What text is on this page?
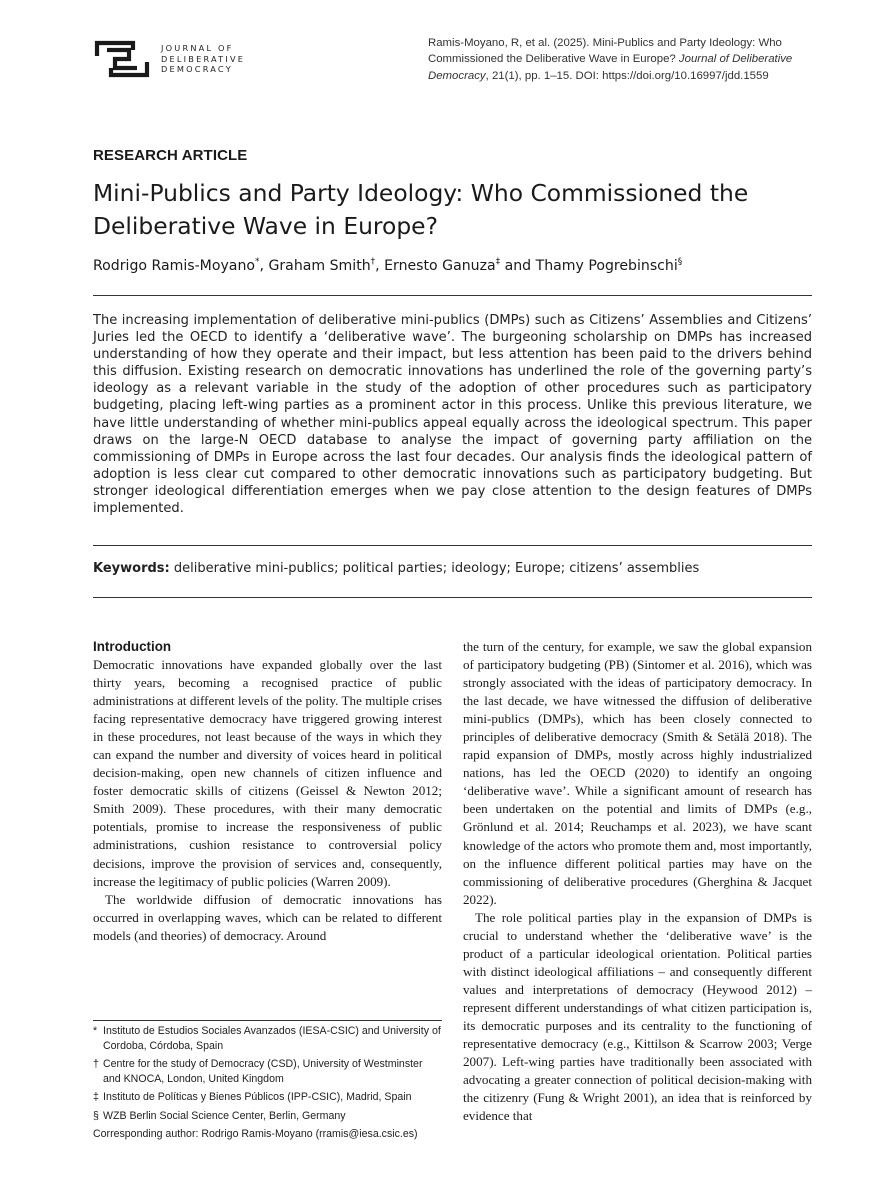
JOURNAL OF
DELIBERATIVE
DEMOCRACY
Ramis-Moyano, R, et al. (2025). Mini-Publics and Party Ideology: Who Commissioned the Deliberative Wave in Europe? Journal of Deliberative Democracy, 21(1), pp. 1–15. DOI: https://doi.org/10.16997/jdd.1559
RESEARCH ARTICLE
Mini-Publics and Party Ideology: Who Commissioned the Deliberative Wave in Europe?
Rodrigo Ramis-Moyano*, Graham Smith†, Ernesto Ganuza‡ and Thamy Pogrebinschi§

The increasing implementation of deliberative mini-publics (DMPs) such as Citizens’ Assemblies and Citizens’ Juries led the OECD to identify a ‘deliberative wave’. The burgeoning scholarship on DMPs has increased understanding of how they operate and their impact, but less attention has been paid to the drivers behind this diffusion. Existing research on democratic innovations has underlined the role of the governing party’s ideology as a relevant variable in the study of the adoption of other procedures such as participatory budgeting, placing left-wing parties as a prominent actor in this process. Unlike this previous literature, we have little understanding of whether mini-publics appeal equally across the ideological spectrum. This paper draws on the large-N OECD database to analyse the impact of governing party affiliation on the commissioning of DMPs in Europe across the last four decades. Our analysis finds the ideological pattern of adoption is less clear cut compared to other democratic innovations such as participatory budgeting. But stronger ideological differentiation emerges when we pay close attention to the design features of DMPs implemented.

Keywords: deliberative mini-publics; political parties; ideology; Europe; citizens’ assemblies
Introduction

Democratic innovations have expanded globally over the last thirty years, becoming a recognised practice of public administrations at different levels of the polity. The multiple crises facing representative democracy have triggered growing interest in these procedures, not least because of the ways in which they can expand the number and diversity of voices heard in political decision-making, open new channels of citizen influence and foster democratic skills of citizens (Geissel & Newton 2012; Smith 2009). These procedures, with their many democratic potentials, promise to increase the responsiveness of public administrations, cushion resistance to controversial policy decisions, improve the provision of services and, consequently, increase the legitimacy of public policies (Warren 2009).

The worldwide diffusion of democratic innovations has occurred in overlapping waves, which can be related to different models (and theories) of democracy. Around

the turn of the century, for example, we saw the global expansion of participatory budgeting (PB) (Sintomer et al. 2016), which was strongly associated with the ideas of participatory democracy. In the last decade, we have witnessed the diffusion of deliberative mini-publics (DMPs), which has been closely connected to principles of deliberative democracy (Smith & Setälä 2018). The rapid expansion of DMPs, mostly across highly industrialized nations, has led the OECD (2020) to identify an ongoing ‘deliberative wave’. While a significant amount of research has been undertaken on the potential and limits of DMPs (e.g., Grönlund et al. 2014; Reuchamps et al. 2023), we have scant knowledge of the actors who promote them and, most importantly, on the influence different political parties may have on the commissioning of deliberative procedures (Gherghina & Jacquet 2022).

The role political parties play in the expansion of DMPs is crucial to understand whether the ‘deliberative wave’ is the product of a particular ideological orientation. Political parties with distinct ideological affiliations – and consequently different values and interpretations of democracy (Heywood 2012) – represent different understandings of what citizen participation is, its democratic purposes and its centrality to the functioning of representative democracy (e.g., Kittilson & Scarrow 2003; Verge 2007). Left-wing parties have traditionally been associated with advocating a greater connection of political decision-making with the citizenry (Fung & Wright 2001), an idea that is reinforced by evidence that

* Instituto de Estudios Sociales Avanzados (IESA-CSIC) and University of Cordoba, Córdoba, Spain
† Centre for the study of Democracy (CSD), University of Westminster and KNOCA, London, United Kingdom
‡ Instituto de Políticas y Bienes Públicos (IPP-CSIC), Madrid, Spain
§ WZB Berlin Social Science Center, Berlin, Germany
Corresponding author: Rodrigo Ramis-Moyano (rramis@iesa.csic.es)
